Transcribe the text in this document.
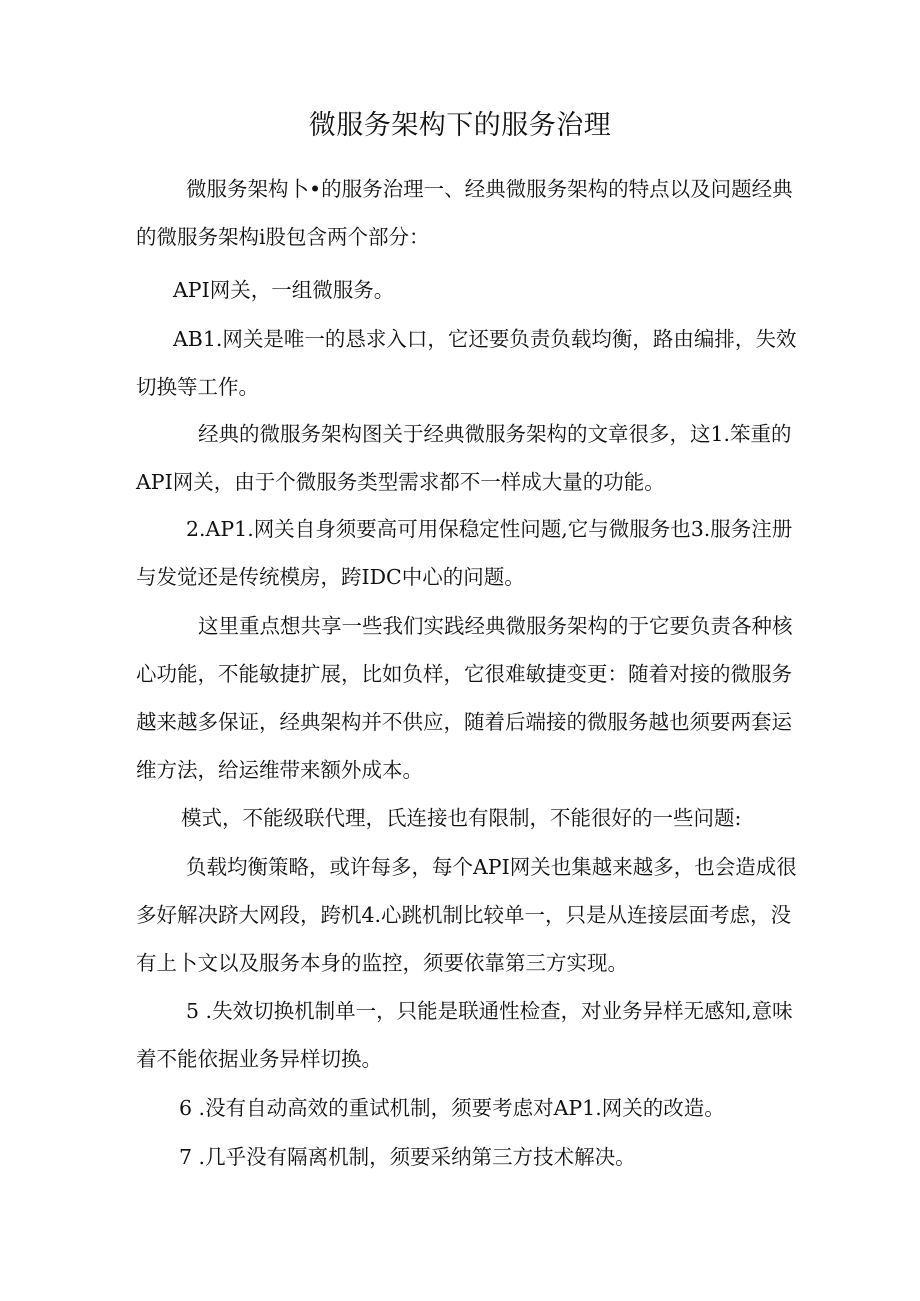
微服务架构下的服务治理

微服务架构卜•的服务治理一、经典微服务架构的特点以及问题经典
的微服务架构i股包含两个部分：

API网关，一组微服务。

AB1.网关是唯一的恳求入口，它还要负责负载均衡，路由编排，失效
切换等工作。

经典的微服务架构图关于经典微服务架构的文章很多，这1.笨重的
API网关，由于个微服务类型需求都不一样成大量的功能。

2.AP1.网关自身须要高可用保稳定性问题,它与微服务也3.服务注册
与发觉还是传统模房，跨IDC中心的问题。

这里重点想共享一些我们实践经典微服务架构的于它要负责各种核
心功能，不能敏捷扩展，比如负样，它很难敏捷变更：随着对接的微服务
越来越多保证，经典架构并不供应，随着后端接的微服务越也须要两套运
维方法，给运维带来额外成本。

模式，不能级联代理，氏连接也有限制，不能很好的一些问题:

负载均衡策略，或许每多，每个API网关也集越来越多，也会造成很
多好解决跻大网段，跨机4.心跳机制比较单一，只是从连接层面考虑，没
有上卜文以及服务本身的监控，须要依靠第三方实现。

5 .失效切换机制单一，只能是联通性检查，对业务异样无感知,意味
着不能依据业务异样切换。

6 .没有自动高效的重试机制，须要考虑对AP1.网关的改造。

7 .几乎没有隔离机制，须要采纳第三方技术解决。
